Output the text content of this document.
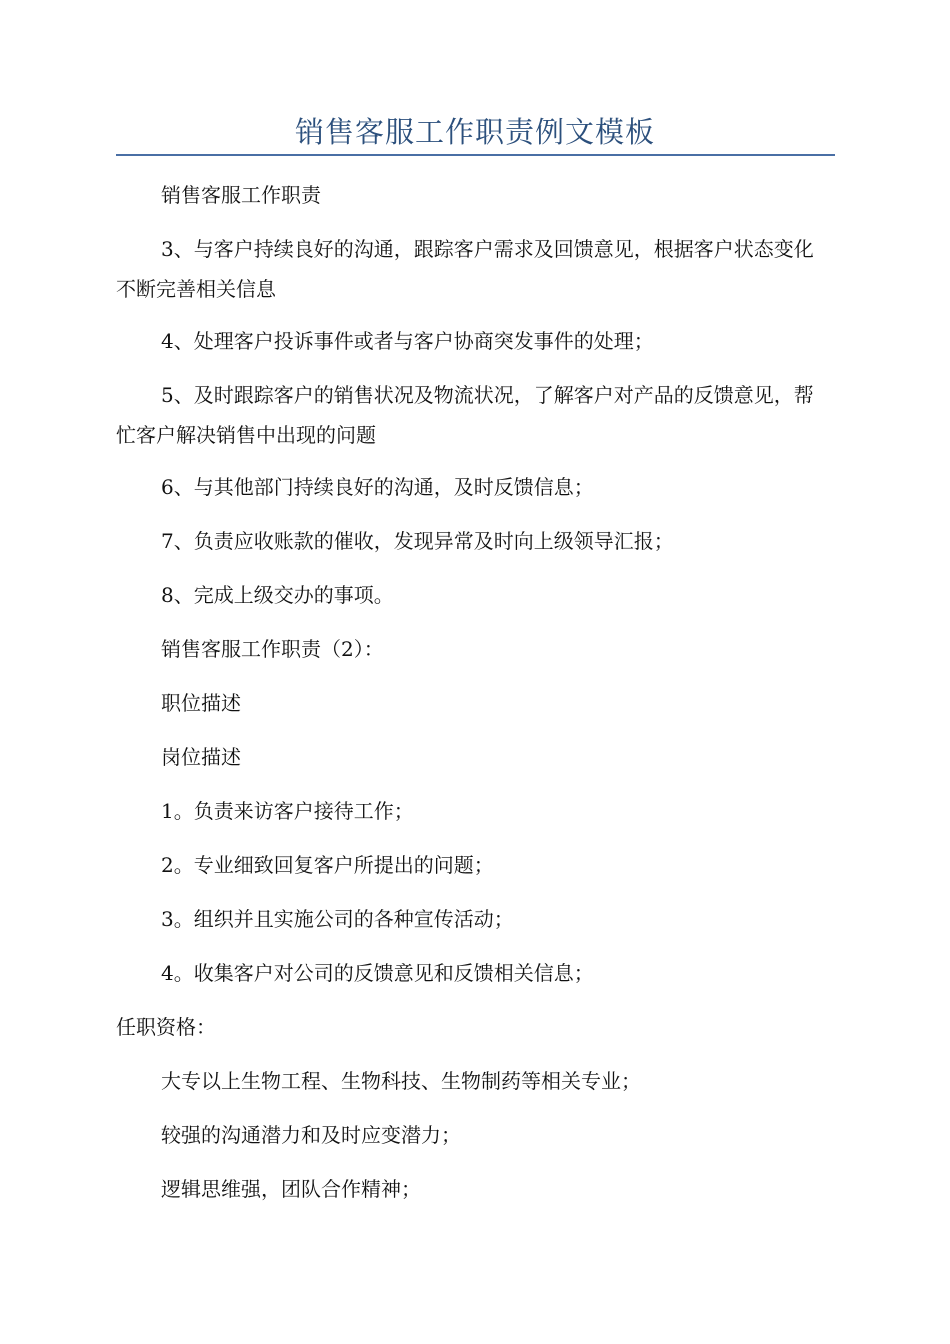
销售客服工作职责例文模板
销售客服工作职责
3、与客户持续良好的沟通，跟踪客户需求及回馈意见，根据客户状态变化不断完善相关信息
4、处理客户投诉事件或者与客户协商突发事件的处理；
5、及时跟踪客户的销售状况及物流状况，了解客户对产品的反馈意见，帮忙客户解决销售中出现的问题
6、与其他部门持续良好的沟通，及时反馈信息；
7、负责应收账款的催收，发现异常及时向上级领导汇报；
8、完成上级交办的事项。
销售客服工作职责（2）：
职位描述
岗位描述
1。负责来访客户接待工作；
2。专业细致回复客户所提出的问题；
3。组织并且实施公司的各种宣传活动；
4。收集客户对公司的反馈意见和反馈相关信息；
任职资格：
大专以上生物工程、生物科技、生物制药等相关专业；
较强的沟通潜力和及时应变潜力；
逻辑思维强，团队合作精神；
